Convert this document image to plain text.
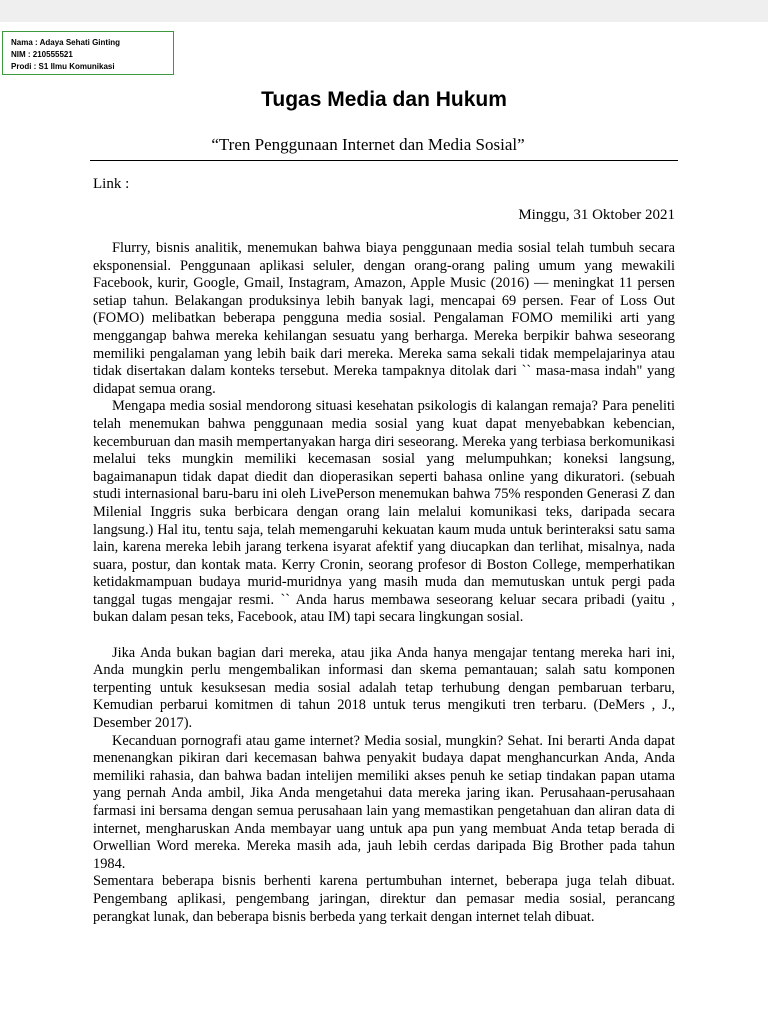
Nama : Adaya Sehati Ginting
NIM : 210555521
Prodi : S1 Ilmu Komunikasi
Tugas Media dan Hukum
“Tren Penggunaan Internet dan Media Sosial”
Link :
Minggu, 31 Oktober 2021

Flurry, bisnis analitik, menemukan bahwa biaya penggunaan media sosial telah tumbuh secara eksponensial. Penggunaan aplikasi seluler, dengan orang-orang paling umum yang mewakili Facebook, kurir, Google, Gmail, Instagram, Amazon, Apple Music (2016) — meningkat 11 persen setiap tahun. Belakangan produksinya lebih banyak lagi, mencapai 69 persen. Fear of Loss Out (FOMO) melibatkan beberapa pengguna media sosial. Pengalaman FOMO memiliki arti yang menggangap bahwa mereka kehilangan sesuatu yang berharga. Mereka berpikir bahwa seseorang memiliki pengalaman yang lebih baik dari mereka. Mereka sama sekali tidak mempelajarinya atau tidak disertakan dalam konteks tersebut. Mereka tampaknya ditolak dari `` masa-masa indah" yang didapat semua orang.

Mengapa media sosial mendorong situasi kesehatan psikologis di kalangan remaja? Para peneliti telah menemukan bahwa penggunaan media sosial yang kuat dapat menyebabkan kebencian, kecemburuan dan masih mempertanyakan harga diri seseorang. Mereka yang terbiasa berkomunikasi melalui teks mungkin memiliki kecemasan sosial yang melumpuhkan; koneksi langsung, bagaimanapun tidak dapat diedit dan dioperasikan seperti bahasa online yang dikuratori. (sebuah studi internasional baru-baru ini oleh LivePerson menemukan bahwa 75% responden Generasi Z dan Milenial Inggris suka berbicara dengan orang lain melalui komunikasi teks, daripada secara langsung.) Hal itu, tentu saja, telah memengaruhi kekuatan kaum muda untuk berinteraksi satu sama lain, karena mereka lebih jarang terkena isyarat afektif yang diucapkan dan terlihat, misalnya, nada suara, postur, dan kontak mata. Kerry Cronin, seorang profesor di Boston College, memperhatikan ketidakmampuan budaya murid-muridnya yang masih muda dan memutuskan untuk pergi pada tanggal tugas mengajar resmi. `` Anda harus membawa seseorang keluar secara pribadi (yaitu , bukan dalam pesan teks, Facebook, atau IM) tapi secara lingkungan sosial.

Jika Anda bukan bagian dari mereka, atau jika Anda hanya mengajar tentang mereka hari ini, Anda mungkin perlu mengembalikan informasi dan skema pemantauan; salah satu komponen terpenting untuk kesuksesan media sosial adalah tetap terhubung dengan pembaruan terbaru, Kemudian perbarui komitmen di tahun 2018 untuk terus mengikuti tren terbaru. (DeMers , J., Desember 2017).

Kecanduan pornografi atau game internet? Media sosial, mungkin? Sehat. Ini berarti Anda dapat menenangkan pikiran dari kecemasan bahwa penyakit budaya dapat menghancurkan Anda, Anda memiliki rahasia, dan bahwa badan intelijen memiliki akses penuh ke setiap tindakan papan utama yang pernah Anda ambil, Jika Anda mengetahui data mereka jaring ikan. Perusahaan-perusahaan farmasi ini bersama dengan semua perusahaan lain yang memastikan pengetahuan dan aliran data di internet, mengharuskan Anda membayar uang untuk apa pun yang membuat Anda tetap berada di Orwellian Word mereka. Mereka masih ada, jauh lebih cerdas daripada Big Brother pada tahun 1984.

Sementara beberapa bisnis berhenti karena pertumbuhan internet, beberapa juga telah dibuat. Pengembang aplikasi, pengembang jaringan, direktur dan pemasar media sosial, perancang perangkat lunak, dan beberapa bisnis berbeda yang terkait dengan internet telah dibuat.
